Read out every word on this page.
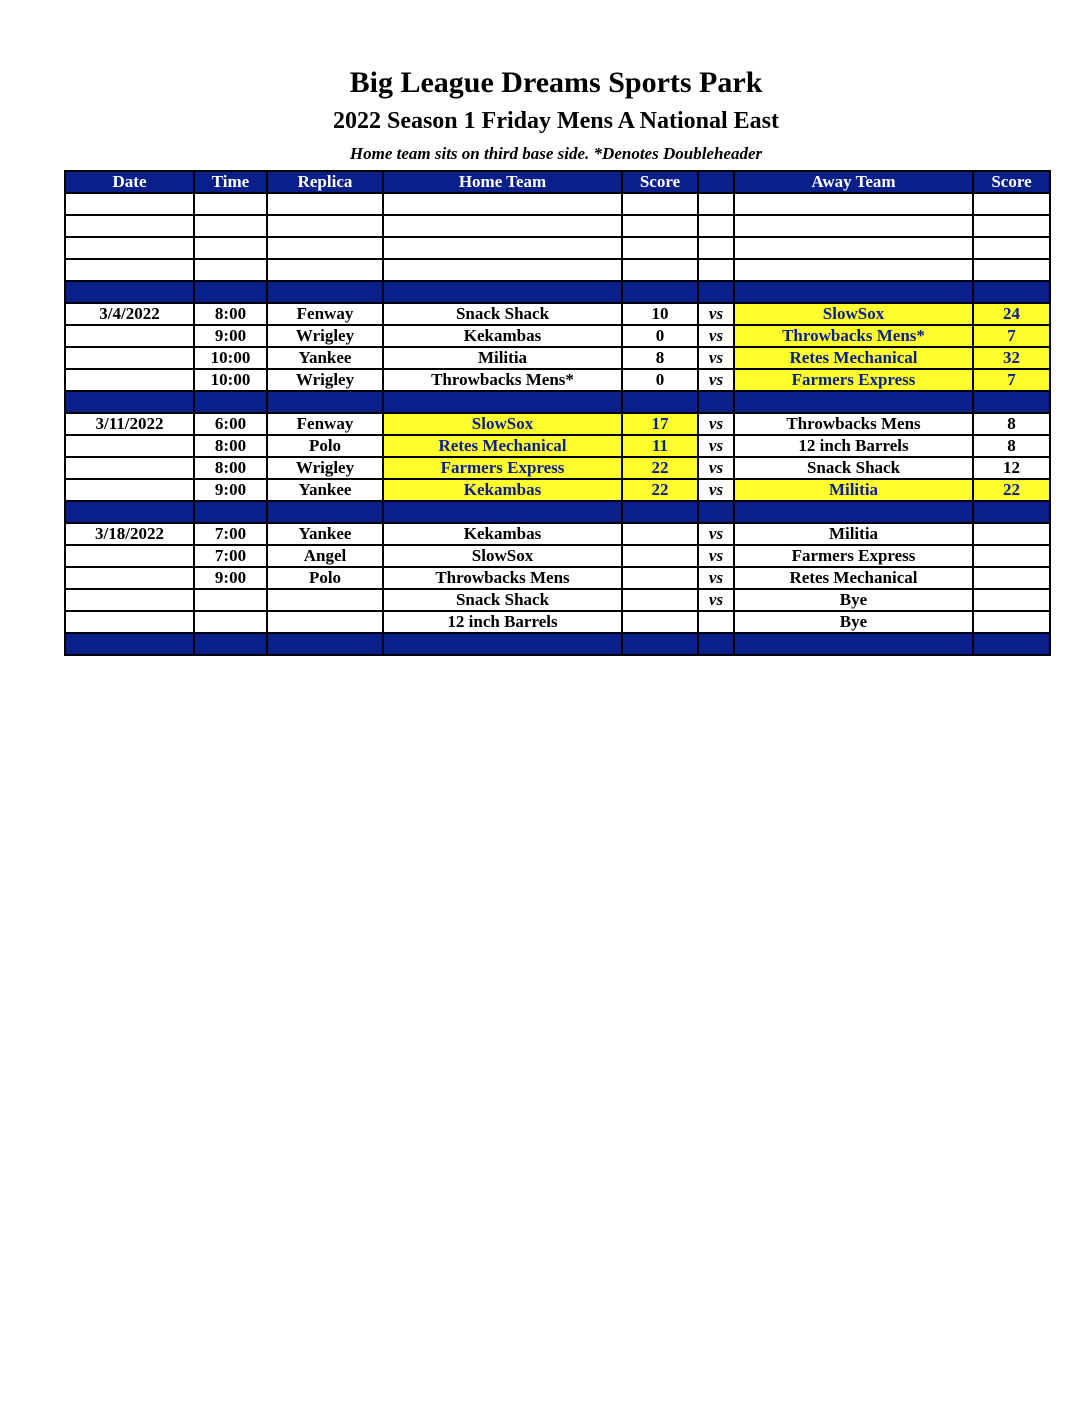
Big League Dreams Sports Park
2022 Season 1 Friday Mens A National East
Home team sits on third base side. *Denotes Doubleheader
Date	Time	Replica	Home Team	Score		Away Team	Score

3/4/2022	8:00	Fenway	Snack Shack	10	vs	SlowSox	24
	9:00	Wrigley	Kekambas	0	vs	Throwbacks Mens*	7
	10:00	Yankee	Militia	8	vs	Retes Mechanical	32
	10:00	Wrigley	Throwbacks Mens*	0	vs	Farmers Express	7

3/11/2022	6:00	Fenway	SlowSox	17	vs	Throwbacks Mens	8
	8:00	Polo	Retes Mechanical	11	vs	12 inch Barrels	8
	8:00	Wrigley	Farmers Express	22	vs	Snack Shack	12
	9:00	Yankee	Kekambas	22	vs	Militia	22

3/18/2022	7:00	Yankee	Kekambas		vs	Militia	
	7:00	Angel	SlowSox		vs	Farmers Express	
	9:00	Polo	Throwbacks Mens		vs	Retes Mechanical	
			Snack Shack		vs	Bye	
			12 inch Barrels			Bye	
